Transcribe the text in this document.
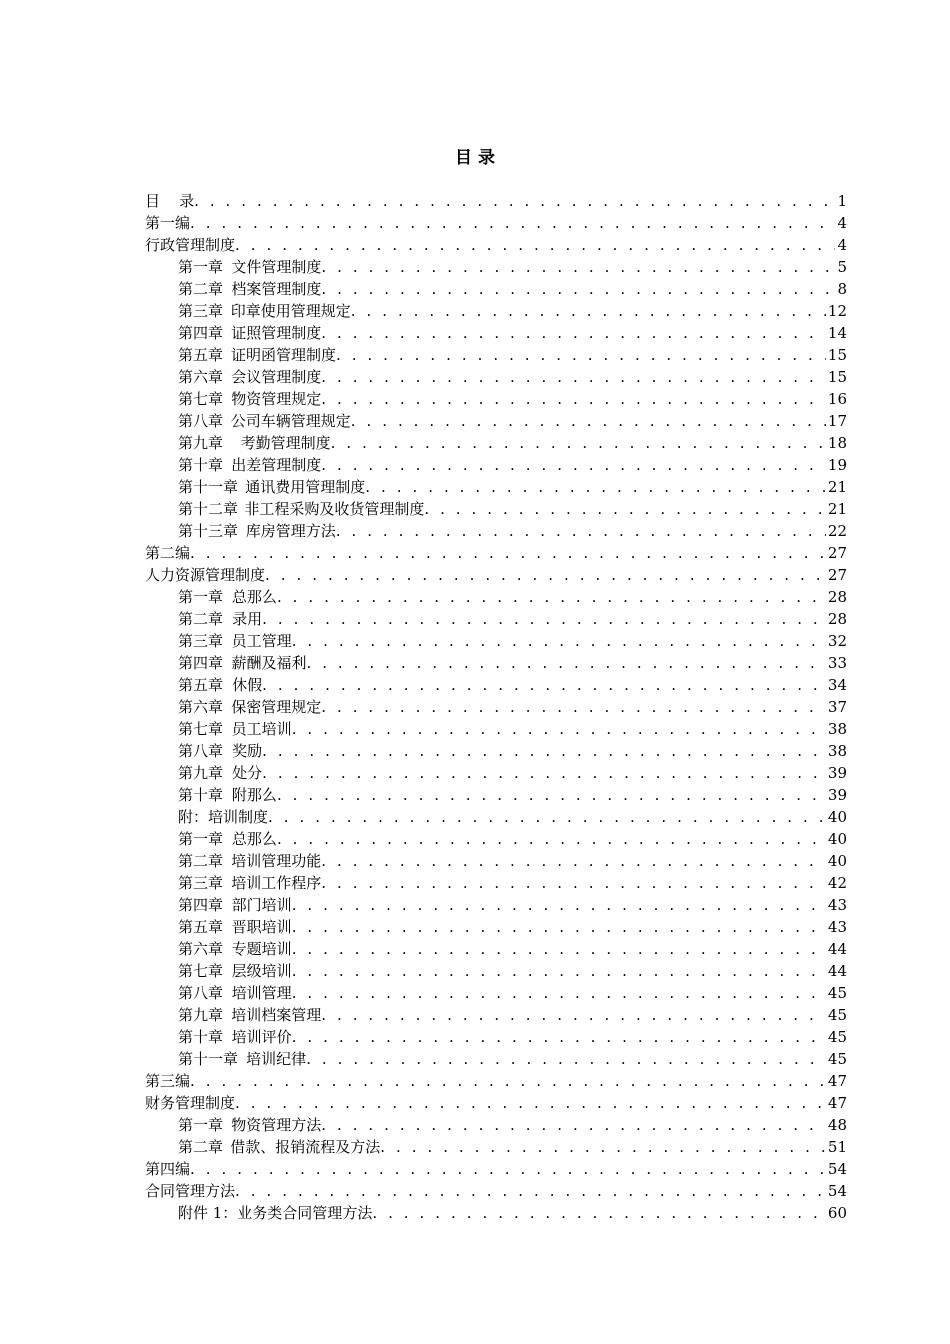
目 录
目    录 . . .	1
第一编 . . .	4
行政管理制度 . . .	4
第一章 文件管理制度 . . .	5
第二章 档案管理制度 . . .	8
第三章 印章使用管理规定 . . .	12
第四章 证照管理制度 . . .	14
第五章 证明函管理制度 . . .	15
第六章 会议管理制度 . . .	15
第七章 物资管理规定 . . .	16
第八章 公司车辆管理规定 . . .	17
第九章 考勤管理制度 . . .	18
第十章 出差管理制度 . . .	19
第十一章 通讯费用管理制度 . . .	21
第十二章 非工程采购及收货管理制度 . . .	21
第十三章 库房管理方法 . . .	22
第二编 . . .	27
人力资源管理制度 . . .	27
第一章 总那么 . . .	28
第二章 录用 . . .	28
第三章 员工管理 . . .	32
第四章 薪酬及福利 . . .	33
第五章 休假 . . .	34
第六章 保密管理规定 . . .	37
第七章 员工培训 . . .	38
第八章 奖励 . . .	38
第九章 处分 . . .	39
第十章 附那么 . . .	39
附：培训制度 . . .	40
第一章 总那么 . . .	40
第二章 培训管理功能 . . .	40
第三章 培训工作程序 . . .	42
第四章 部门培训 . . .	43
第五章 晋职培训 . . .	43
第六章 专题培训 . . .	44
第七章 层级培训 . . .	44
第八章 培训管理 . . .	45
第九章 培训档案管理 . . .	45
第十章 培训评价 . . .	45
第十一章 培训纪律 . . .	45
第三编 . . .	47
财务管理制度 . . .	47
第一章 物资管理方法 . . .	48
第二章 借款、报销流程及方法 . . .	51
第四编 . . .	54
合同管理方法 . . .	54
附件 1：业务类合同管理方法 . . .	60
